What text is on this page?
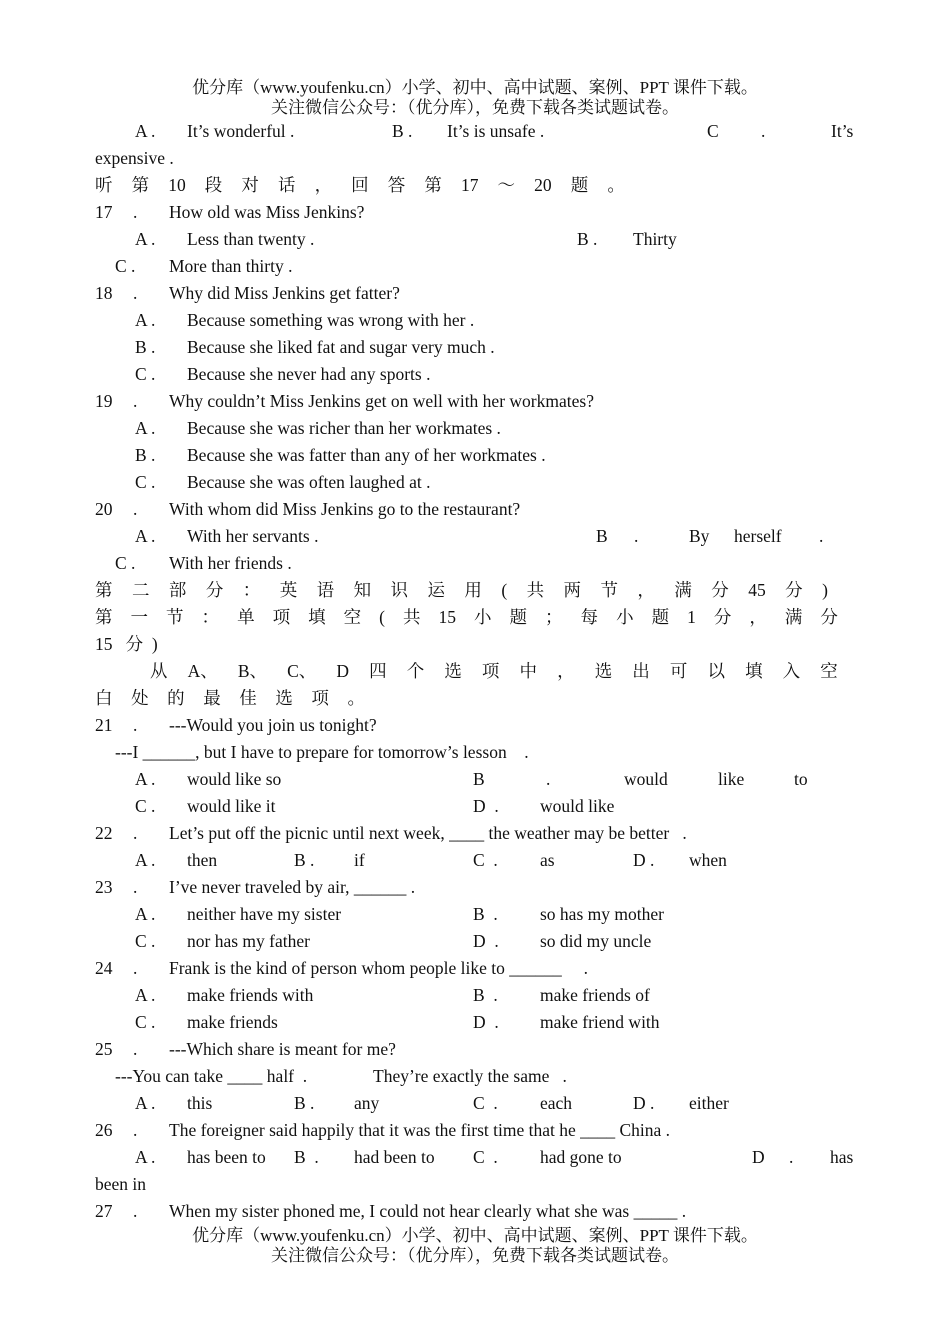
优分库（www.youfenku.cn）小学、初中、高中试题、案例、PPT 课件下载。
关注微信公众号：（优分库），免费下载各类试题试卷。
A . It’s wonderful .	B . It’s is unsafe .	C .	It’s
expensive .
听 第 10 段 对 话 ， 回 答 第 17 ～ 20 题 。
17 . How old was Miss Jenkins?
A . Less than twenty .	B . Thirty
C . More than thirty .
18 . Why did Miss Jenkins get fatter?
A . Because something was wrong with her .
B . Because she liked fat and sugar very much .
C . Because she never had any sports .
19 . Why couldn’t Miss Jenkins get on well with her workmates?
A . Because she was richer than her workmates .
B . Because she was fatter than any of her workmates .
C . Because she was often laughed at .
20 . With whom did Miss Jenkins go to the restaurant?
A . With her servants .	B .	By herself .
C . With her friends .
第 二 部 分 ： 英 语 知 识 运 用 ( 共 两 节 ， 满 分 45 分 )
第 一 节 ： 单 项 填 空 ( 共 15 小 题 ； 每 小 题 1 分 ， 满 分
15   分  )
从 A、 B、 C、 D 四 个 选 项 中 ， 选 出 可 以 填 入 空
白 处 的 最 佳 选 项 。
21 . ---Would you join us tonight?
---I ______, but I have to prepare for tomorrow’s lesson    .
A . would like so	B	.	would	like	to
C . would like it	D  . would like
22 . Let’s put off the picnic until next week, ____ the weather may be better   .
A . then	B . if	C  . as	D . when
23 . I’ve never traveled by air, ______ .
A . neither have my sister	B  . so has my mother
C . nor has my father	D  . so did my uncle
24 . Frank is the kind of person whom people like to ______     .
A . make friends with	B  . make friends of
C . make friends	D  . make friend with
25 . ---Which share is meant for me?
---You can take ____ half  .	They’re exactly the same   .
A . this	B . any	C  . each	D . either
26 . The foreigner said happily that it was the first time that he ____ China .
A . has been to B  . had been to C  . had gone to	D . has
been in
27 . When my sister phoned me, I could not hear clearly what she was _____ .
优分库（www.youfenku.cn）小学、初中、高中试题、案例、PPT 课件下载。
关注微信公众号：（优分库），免费下载各类试题试卷。
